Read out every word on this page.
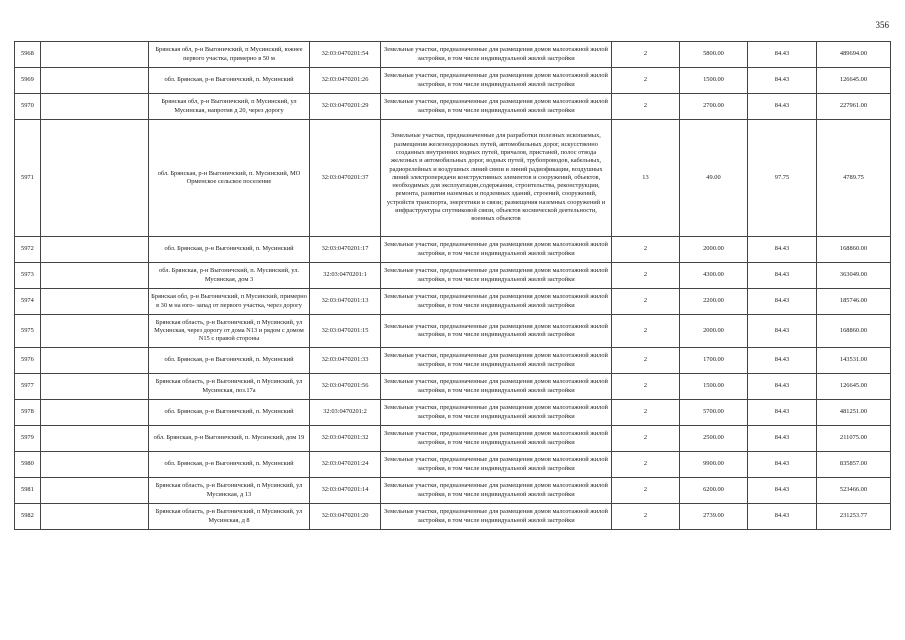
356
5968		Брянская обл, р-н Выгоничский, п Мусинский, южнее первого участка, примерно в 50 м	32:03:0470201:54	Земельные участки, предназначенные для размещения домов малоэтажной жилой застройки, в том числе индивидуальной жилой застройки	2	5800.00	84.43	489694.00
5969		обл. Брянская, р-н Выгоничский, п. Мусинский	32:03:0470201:26	Земельные участки, предназначенные для размещения домов малоэтажной жилой застройки, в том числе индивидуальной жилой застройки	2	1500.00	84.43	126645.00
5970		Брянская обл, р-н Выгоничский, п Мусинский, ул Мусинская, напротив д 20, через дорогу	32:03:0470201:29	Земельные участки, предназначенные для размещения домов малоэтажной жилой застройки, в том числе индивидуальной жилой застройки	2	2700.00	84.43	227961.00
5971		обл. Брянская, р-н Выгоничский, п. Мусинский, МО Орменское сельское поселение	32:03:0470201:37	Земельные участки, предназначенные для разработки полезных ископаемых, размещения железнодорожных путей, автомобильных дорог, искусственно созданных внутренних водных путей, причалов, пристаней, полос отвода железных и автомобильных дорог, водных путей, трубопроводов, кабельных, радиорелейных и воздушных линий связи и линий радиофикации, воздушных линий электропередачи конструктивных элементов и сооружений, объектов, необходимых для эксплуатации,содержания, строительства, реконструкции, ремонта, развития наземных и подземных зданий, строений, сооружений, устройств транспорта, энергетики и связи; размещения наземных сооружений и инфраструктуры спутниковой связи, объектов космической деятельности, военных объектов	13	49.00	97.75	4789.75
5972		обл. Брянская, р-н Выгоничский, п. Мусинский	32:03:0470201:17	Земельные участки, предназначенные для размещения домов малоэтажной жилой застройки, в том числе индивидуальной жилой застройки	2	2000.00	84.43	168860.00
5973		обл. Брянская, р-н Выгоничский, п. Мусинский, ул. Мусинская, дом 3	32:03:0470201:1	Земельные участки, предназначенные для размещения домов малоэтажной жилой застройки, в том числе индивидуальной жилой застройки	2	4300.00	84.43	363049.00
5974		Брянская обл, р-н Выгоничский, п Мусинский, примерно в 30 м на юго- запад от первого участка, через дорогу	32:03:0470201:13	Земельные участки, предназначенные для размещения домов малоэтажной жилой застройки, в том числе индивидуальной жилой застройки	2	2200.00	84.43	185746.00
5975		Брянская область, р-н Выгоничский, п Мусинский, ул Мусинская, через дорогу от дома N13 и рядом с домом N15 с правой стороны	32:03:0470201:15	Земельные участки, предназначенные для размещения домов малоэтажной жилой застройки, в том числе индивидуальной жилой застройки	2	2000.00	84.43	168860.00
5976		обл. Брянская, р-н Выгоничский, п. Мусинский	32:03:0470201:33	Земельные участки, предназначенные для размещения домов малоэтажной жилой застройки, в том числе индивидуальной жилой застройки	2	1700.00	84.43	143531.00
5977		Брянская область, р-н Выгоничский, п Мусинский, ул Мусинская, поз.17а	32:03:0470201:56	Земельные участки, предназначенные для размещения домов малоэтажной жилой застройки, в том числе индивидуальной жилой застройки	2	1500.00	84.43	126645.00
5978		обл. Брянская, р-н Выгоничский, п. Мусинский	32:03:0470201:2	Земельные участки, предназначенные для размещения домов малоэтажной жилой застройки, в том числе индивидуальной жилой застройки	2	5700.00	84.43	481251.00
5979		обл. Брянская, р-н Выгоничский, п. Мусинский, дом 19	32:03:0470201:32	Земельные участки, предназначенные для размещения домов малоэтажной жилой застройки, в том числе индивидуальной жилой застройки	2	2500.00	84.43	211075.00
5980		обл. Брянская, р-н Выгоничский, п. Мусинский	32:03:0470201:24	Земельные участки, предназначенные для размещения домов малоэтажной жилой застройки, в том числе индивидуальной жилой застройки	2	9900.00	84.43	835857.00
5981		Брянская область, р-н Выгоничский, п Мусинский, ул Мусинская, д 13	32:03:0470201:14	Земельные участки, предназначенные для размещения домов малоэтажной жилой застройки, в том числе индивидуальной жилой застройки	2	6200.00	84.43	523466.00
5982		Брянская область, р-н Выгоничский, п Мусинский, ул Мусинская, д 8	32:03:0470201:20	Земельные участки, предназначенные для размещения домов малоэтажной жилой застройки, в том числе индивидуальной жилой застройки	2	2739.00	84.43	231253.77
